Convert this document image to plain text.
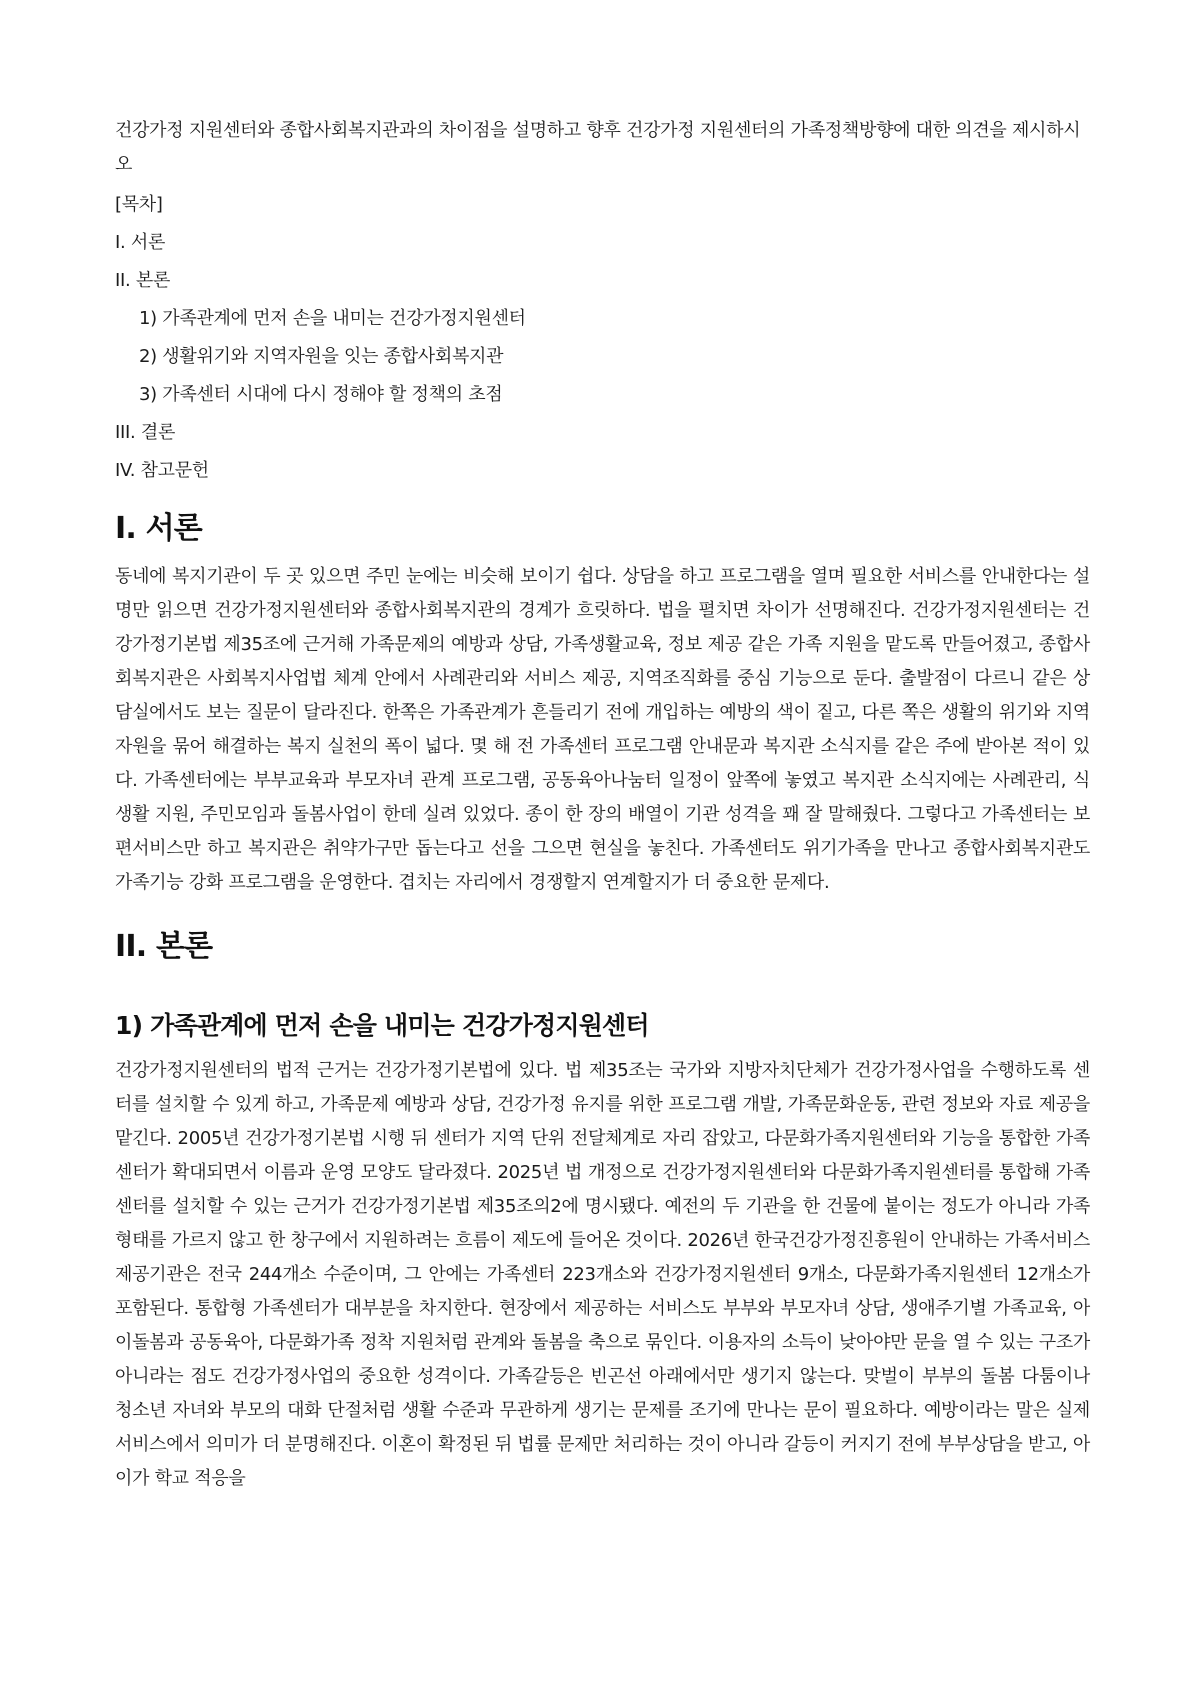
건강가정 지원센터와 종합사회복지관과의 차이점을 설명하고 향후 건강가정 지원센터의 가족정책방향에 대한 의견을 제시하시오

[목차]

I. 서론

II. 본론

1) 가족관계에 먼저 손을 내미는 건강가정지원센터

2) 생활위기와 지역자원을 잇는 종합사회복지관

3) 가족센터 시대에 다시 정해야 할 정책의 초점

III. 결론

IV. 참고문헌

I. 서론

동네에 복지기관이 두 곳 있으면 주민 눈에는 비슷해 보이기 쉽다. 상담을 하고 프로그램을 열며 필요한 서비스를 안내한다는 설명만 읽으면 건강가정지원센터와 종합사회복지관의 경계가 흐릿하다. 법을 펼치면 차이가 선명해진다. 건강가정지원센터는 건강가정기본법 제35조에 근거해 가족문제의 예방과 상담, 가족생활교육, 정보 제공 같은 가족 지원을 맡도록 만들어졌고, 종합사회복지관은 사회복지사업법 체계 안에서 사례관리와 서비스 제공, 지역조직화를 중심 기능으로 둔다. 출발점이 다르니 같은 상담실에서도 보는 질문이 달라진다. 한쪽은 가족관계가 흔들리기 전에 개입하는 예방의 색이 짙고, 다른 쪽은 생활의 위기와 지역 자원을 묶어 해결하는 복지 실천의 폭이 넓다. 몇 해 전 가족센터 프로그램 안내문과 복지관 소식지를 같은 주에 받아본 적이 있다. 가족센터에는 부부교육과 부모자녀 관계 프로그램, 공동육아나눔터 일정이 앞쪽에 놓였고 복지관 소식지에는 사례관리, 식생활 지원, 주민모임과 돌봄사업이 한데 실려 있었다. 종이 한 장의 배열이 기관 성격을 꽤 잘 말해줬다. 그렇다고 가족센터는 보편서비스만 하고 복지관은 취약가구만 돕는다고 선을 그으면 현실을 놓친다. 가족센터도 위기가족을 만나고 종합사회복지관도 가족기능 강화 프로그램을 운영한다. 겹치는 자리에서 경쟁할지 연계할지가 더 중요한 문제다.

II. 본론
1) 가족관계에 먼저 손을 내미는 건강가정지원센터

건강가정지원센터의 법적 근거는 건강가정기본법에 있다. 법 제35조는 국가와 지방자치단체가 건강가정사업을 수행하도록 센터를 설치할 수 있게 하고, 가족문제 예방과 상담, 건강가정 유지를 위한 프로그램 개발, 가족문화운동, 관련 정보와 자료 제공을 맡긴다. 2005년 건강가정기본법 시행 뒤 센터가 지역 단위 전달체계로 자리 잡았고, 다문화가족지원센터와 기능을 통합한 가족센터가 확대되면서 이름과 운영 모양도 달라졌다. 2025년 법 개정으로 건강가정지원센터와 다문화가족지원센터를 통합해 가족센터를 설치할 수 있는 근거가 건강가정기본법 제35조의2에 명시됐다. 예전의 두 기관을 한 건물에 붙이는 정도가 아니라 가족 형태를 가르지 않고 한 창구에서 지원하려는 흐름이 제도에 들어온 것이다. 2026년 한국건강가정진흥원이 안내하는 가족서비스 제공기관은 전국 244개소 수준이며, 그 안에는 가족센터 223개소와 건강가정지원센터 9개소, 다문화가족지원센터 12개소가 포함된다. 통합형 가족센터가 대부분을 차지한다. 현장에서 제공하는 서비스도 부부와 부모자녀 상담, 생애주기별 가족교육, 아이돌봄과 공동육아, 다문화가족 정착 지원처럼 관계와 돌봄을 축으로 묶인다. 이용자의 소득이 낮아야만 문을 열 수 있는 구조가 아니라는 점도 건강가정사업의 중요한 성격이다. 가족갈등은 빈곤선 아래에서만 생기지 않는다. 맞벌이 부부의 돌봄 다툼이나 청소년 자녀와 부모의 대화 단절처럼 생활 수준과 무관하게 생기는 문제를 조기에 만나는 문이 필요하다. 예방이라는 말은 실제 서비스에서 의미가 더 분명해진다. 이혼이 확정된 뒤 법률 문제만 처리하는 것이 아니라 갈등이 커지기 전에 부부상담을 받고, 아이가 학교 적응을
